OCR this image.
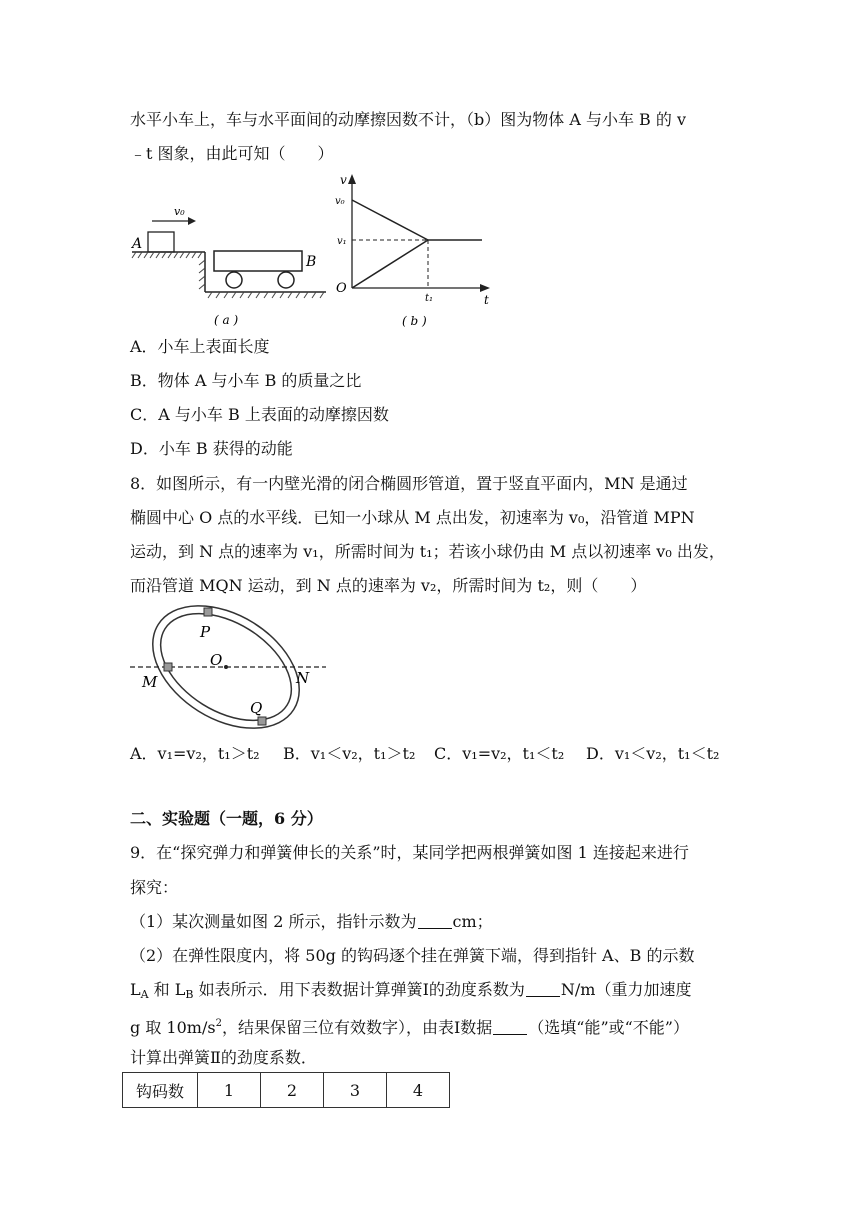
水平小车上，车与水平面间的动摩擦因数不计，（b）图为物体 A 与小车 B 的 v
﹣t 图象，由此可知（　　）
v₀
A
B
( a )
v
t
v₀
v₁
O
t₁
( b )
A．小车上表面长度
B．物体 A 与小车 B 的质量之比
C．A 与小车 B 上表面的动摩擦因数
D．小车 B 获得的动能
8．如图所示，有一内壁光滑的闭合椭圆形管道，置于竖直平面内，MN 是通过
椭圆中心 O 点的水平线．已知一小球从 M 点出发，初速率为 v₀，沿管道 MPN
运动，到 N 点的速率为 v₁，所需时间为 t₁；若该小球仍由 M 点以初速率 v₀ 出发，
而沿管道 MQN 运动，到 N 点的速率为 v₂，所需时间为 t₂，则（　　）
P
O
M	N
Q
A．v₁=v₂，t₁＞t₂ B．v₁＜v₂，t₁＞t₂ C．v₁=v₂，t₁＜t₂ D．v₁＜v₂，t₁＜t₂
二、实验题（一题，6 分）
9．在“探究弹力和弹簧伸长的关系”时，某同学把两根弹簧如图 1 连接起来进行
探究：
（1）某次测量如图 2 所示，指针示数为 cm；
（2）在弹性限度内，将 50g 的钩码逐个挂在弹簧下端，得到指针 A、B 的示数
$L_A$ 和 $L_B$ 如表所示．用下表数据计算弹簧Ⅰ的劲度系数为 N/m（重力加速度
g 取 $10m/s^2$，结果保留三位有效数字），由表Ⅰ数据 （选填“能”或“不能”）
计算出弹簧Ⅱ的劲度系数．
钩码数	1	2	3	4
